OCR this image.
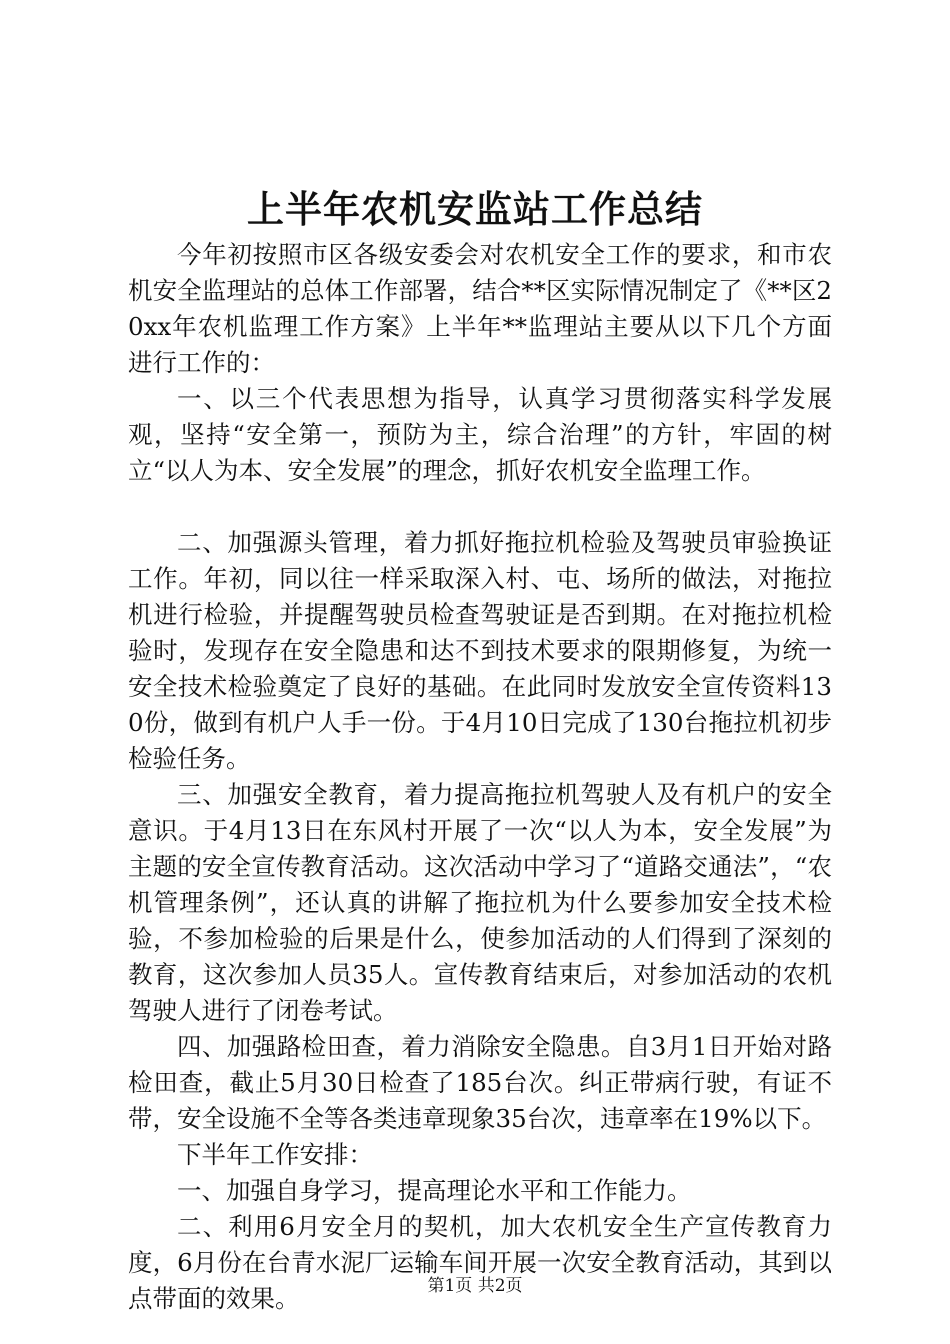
上半年农机安监站工作总结

今年初按照市区各级安委会对农机安全工作的要求，和市农机安全监理站的总体工作部署，结合**区实际情况制定了《**区20xx年农机监理工作方案》上半年**监理站主要从以下几个方面进行工作的：

一、以三个代表思想为指导，认真学习贯彻落实科学发展观，坚持“安全第一，预防为主，综合治理”的方针，牢固的树立“以人为本、安全发展”的理念，抓好农机安全监理工作。

二、加强源头管理，着力抓好拖拉机检验及驾驶员审验换证工作。年初，同以往一样采取深入村、屯、场所的做法，对拖拉机进行检验，并提醒驾驶员检查驾驶证是否到期。在对拖拉机检验时，发现存在安全隐患和达不到技术要求的限期修复，为统一安全技术检验奠定了良好的基础。在此同时发放安全宣传资料130份，做到有机户人手一份。于4月10日完成了130台拖拉机初步检验任务。

三、加强安全教育，着力提高拖拉机驾驶人及有机户的安全意识。于4月13日在东风村开展了一次“以人为本，安全发展”为主题的安全宣传教育活动。这次活动中学习了“道路交通法”，“农机管理条例”，还认真的讲解了拖拉机为什么要参加安全技术检验，不参加检验的后果是什么，使参加活动的人们得到了深刻的教育，这次参加人员35人。宣传教育结束后，对参加活动的农机驾驶人进行了闭卷考试。

四、加强路检田查，着力消除安全隐患。自3月1日开始对路检田查，截止5月30日检查了185台次。纠正带病行驶，有证不带，安全设施不全等各类违章现象35台次，违章率在19%以下。

下半年工作安排：

一、加强自身学习，提高理论水平和工作能力。

二、利用6月安全月的契机，加大农机安全生产宣传教育力度，6月份在台青水泥厂运输车间开展一次安全教育活动，其到以点带面的效果。	第1页 共2页
